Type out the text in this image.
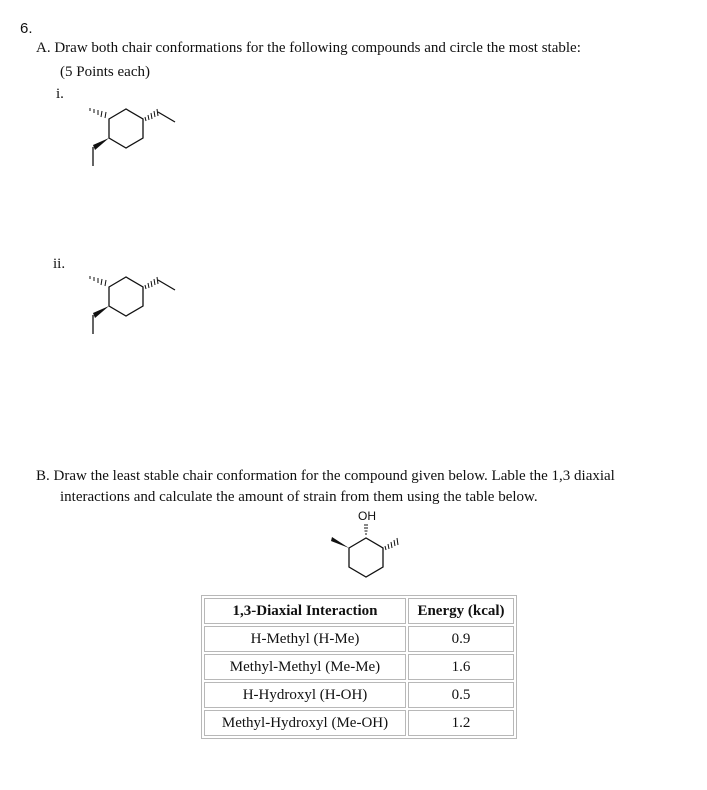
6.
A. Draw both chair conformations for the following compounds and circle the most stable:
(5 Points each)
i.
ii.
B. Draw the least stable chair conformation for the compound given below. Lable the 1,3 diaxial
interactions and calculate the amount of strain from them using the table below.
OH
1,3-Diaxial Interaction	Energy (kcal)
H-Methyl (H-Me)	0.9
Methyl-Methyl (Me-Me)	1.6
H-Hydroxyl (H-OH)	0.5
Methyl-Hydroxyl (Me-OH)	1.2
